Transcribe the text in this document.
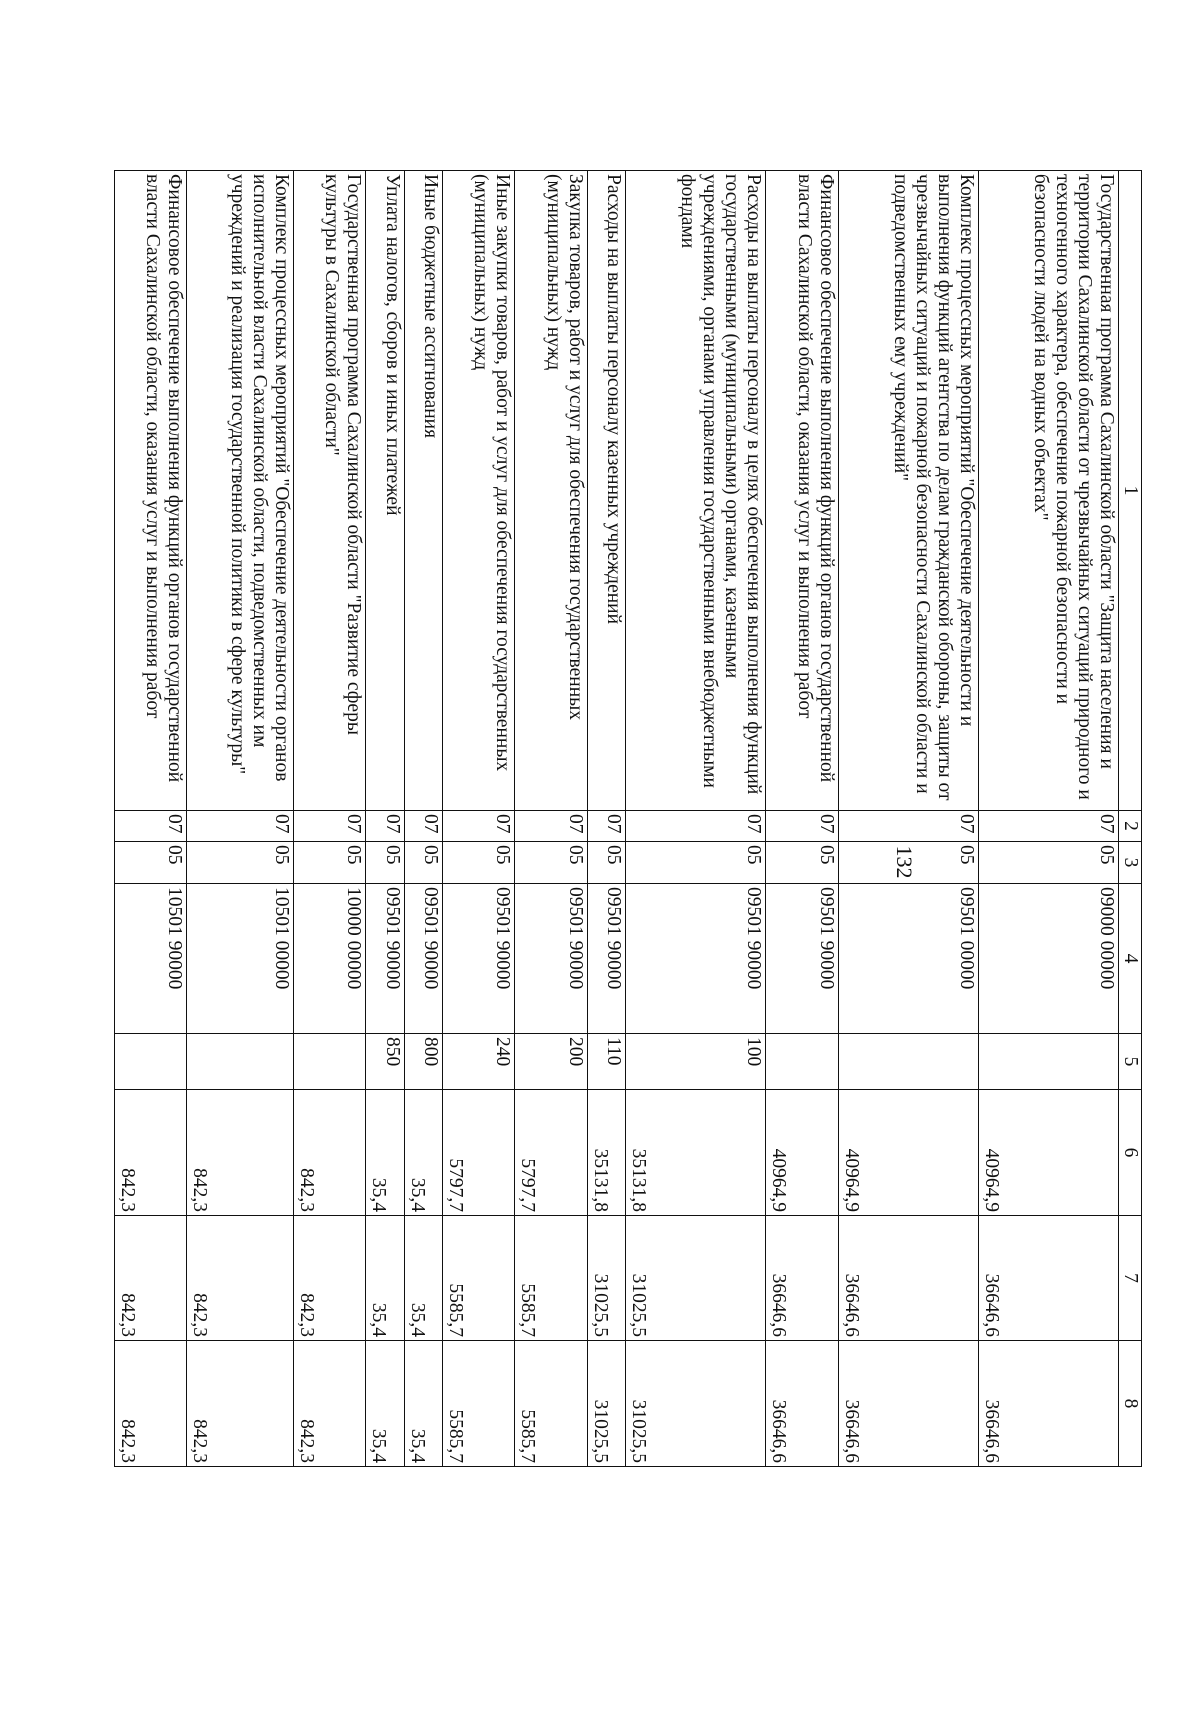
132
1	2	3	4	5	6	7	8
Государственная программа Сахалинской области "Защита населения и территории Сахалинской области от чрезвычайных ситуаций природного и техногенного характера, обеспечение пожарной безопасности и безопасности людей на водных объектах"	07	05	09000 00000		40964,9	36646,6	36646,6
Комплекс процессных мероприятий "Обеспечение деятельности и выполнения функций агентства по делам гражданской обороны, защиты от чрезвычайных ситуаций и пожарной безопасности Сахалинской области и подведомственных ему учреждений"	07	05	09501 00000		40964,9	36646,6	36646,6
Финансовое обеспечение выполнения функций органов государственной власти Сахалинской области, оказания услуг и выполнения работ	07	05	09501 90000		40964,9	36646,6	36646,6
Расходы на выплаты персоналу в целях обеспечения выполнения функций государственными (муниципальными) органами, казенными учреждениями, органами управления государственными внебюджетными фондами	07	05	09501 90000	100	35131,8	31025,5	31025,5
Расходы на выплаты персоналу казенных учреждений	07	05	09501 90000	110	35131,8	31025,5	31025,5
Закупка товаров, работ и услуг для обеспечения государственных (муниципальных) нужд	07	05	09501 90000	200	5797,7	5585,7	5585,7
Иные закупки товаров, работ и услуг для обеспечения государственных (муниципальных) нужд	07	05	09501 90000	240	5797,7	5585,7	5585,7
Иные бюджетные ассигнования	07	05	09501 90000	800	35,4	35,4	35,4
Уплата налогов, сборов и иных платежей	07	05	09501 90000	850	35,4	35,4	35,4
Государственная программа Сахалинской области "Развитие сферы культуры в Сахалинской области"	07	05	10000 00000		842,3	842,3	842,3
Комплекс процессных мероприятий "Обеспечение деятельности органов исполнительной власти Сахалинской области, подведомственных им учреждений и реализация государственной политики в сфере культуры"	07	05	10501 00000		842,3	842,3	842,3
Финансовое обеспечение выполнения функций органов государственной власти Сахалинской области, оказания услуг и выполнения работ	07	05	10501 90000		842,3	842,3	842,3
